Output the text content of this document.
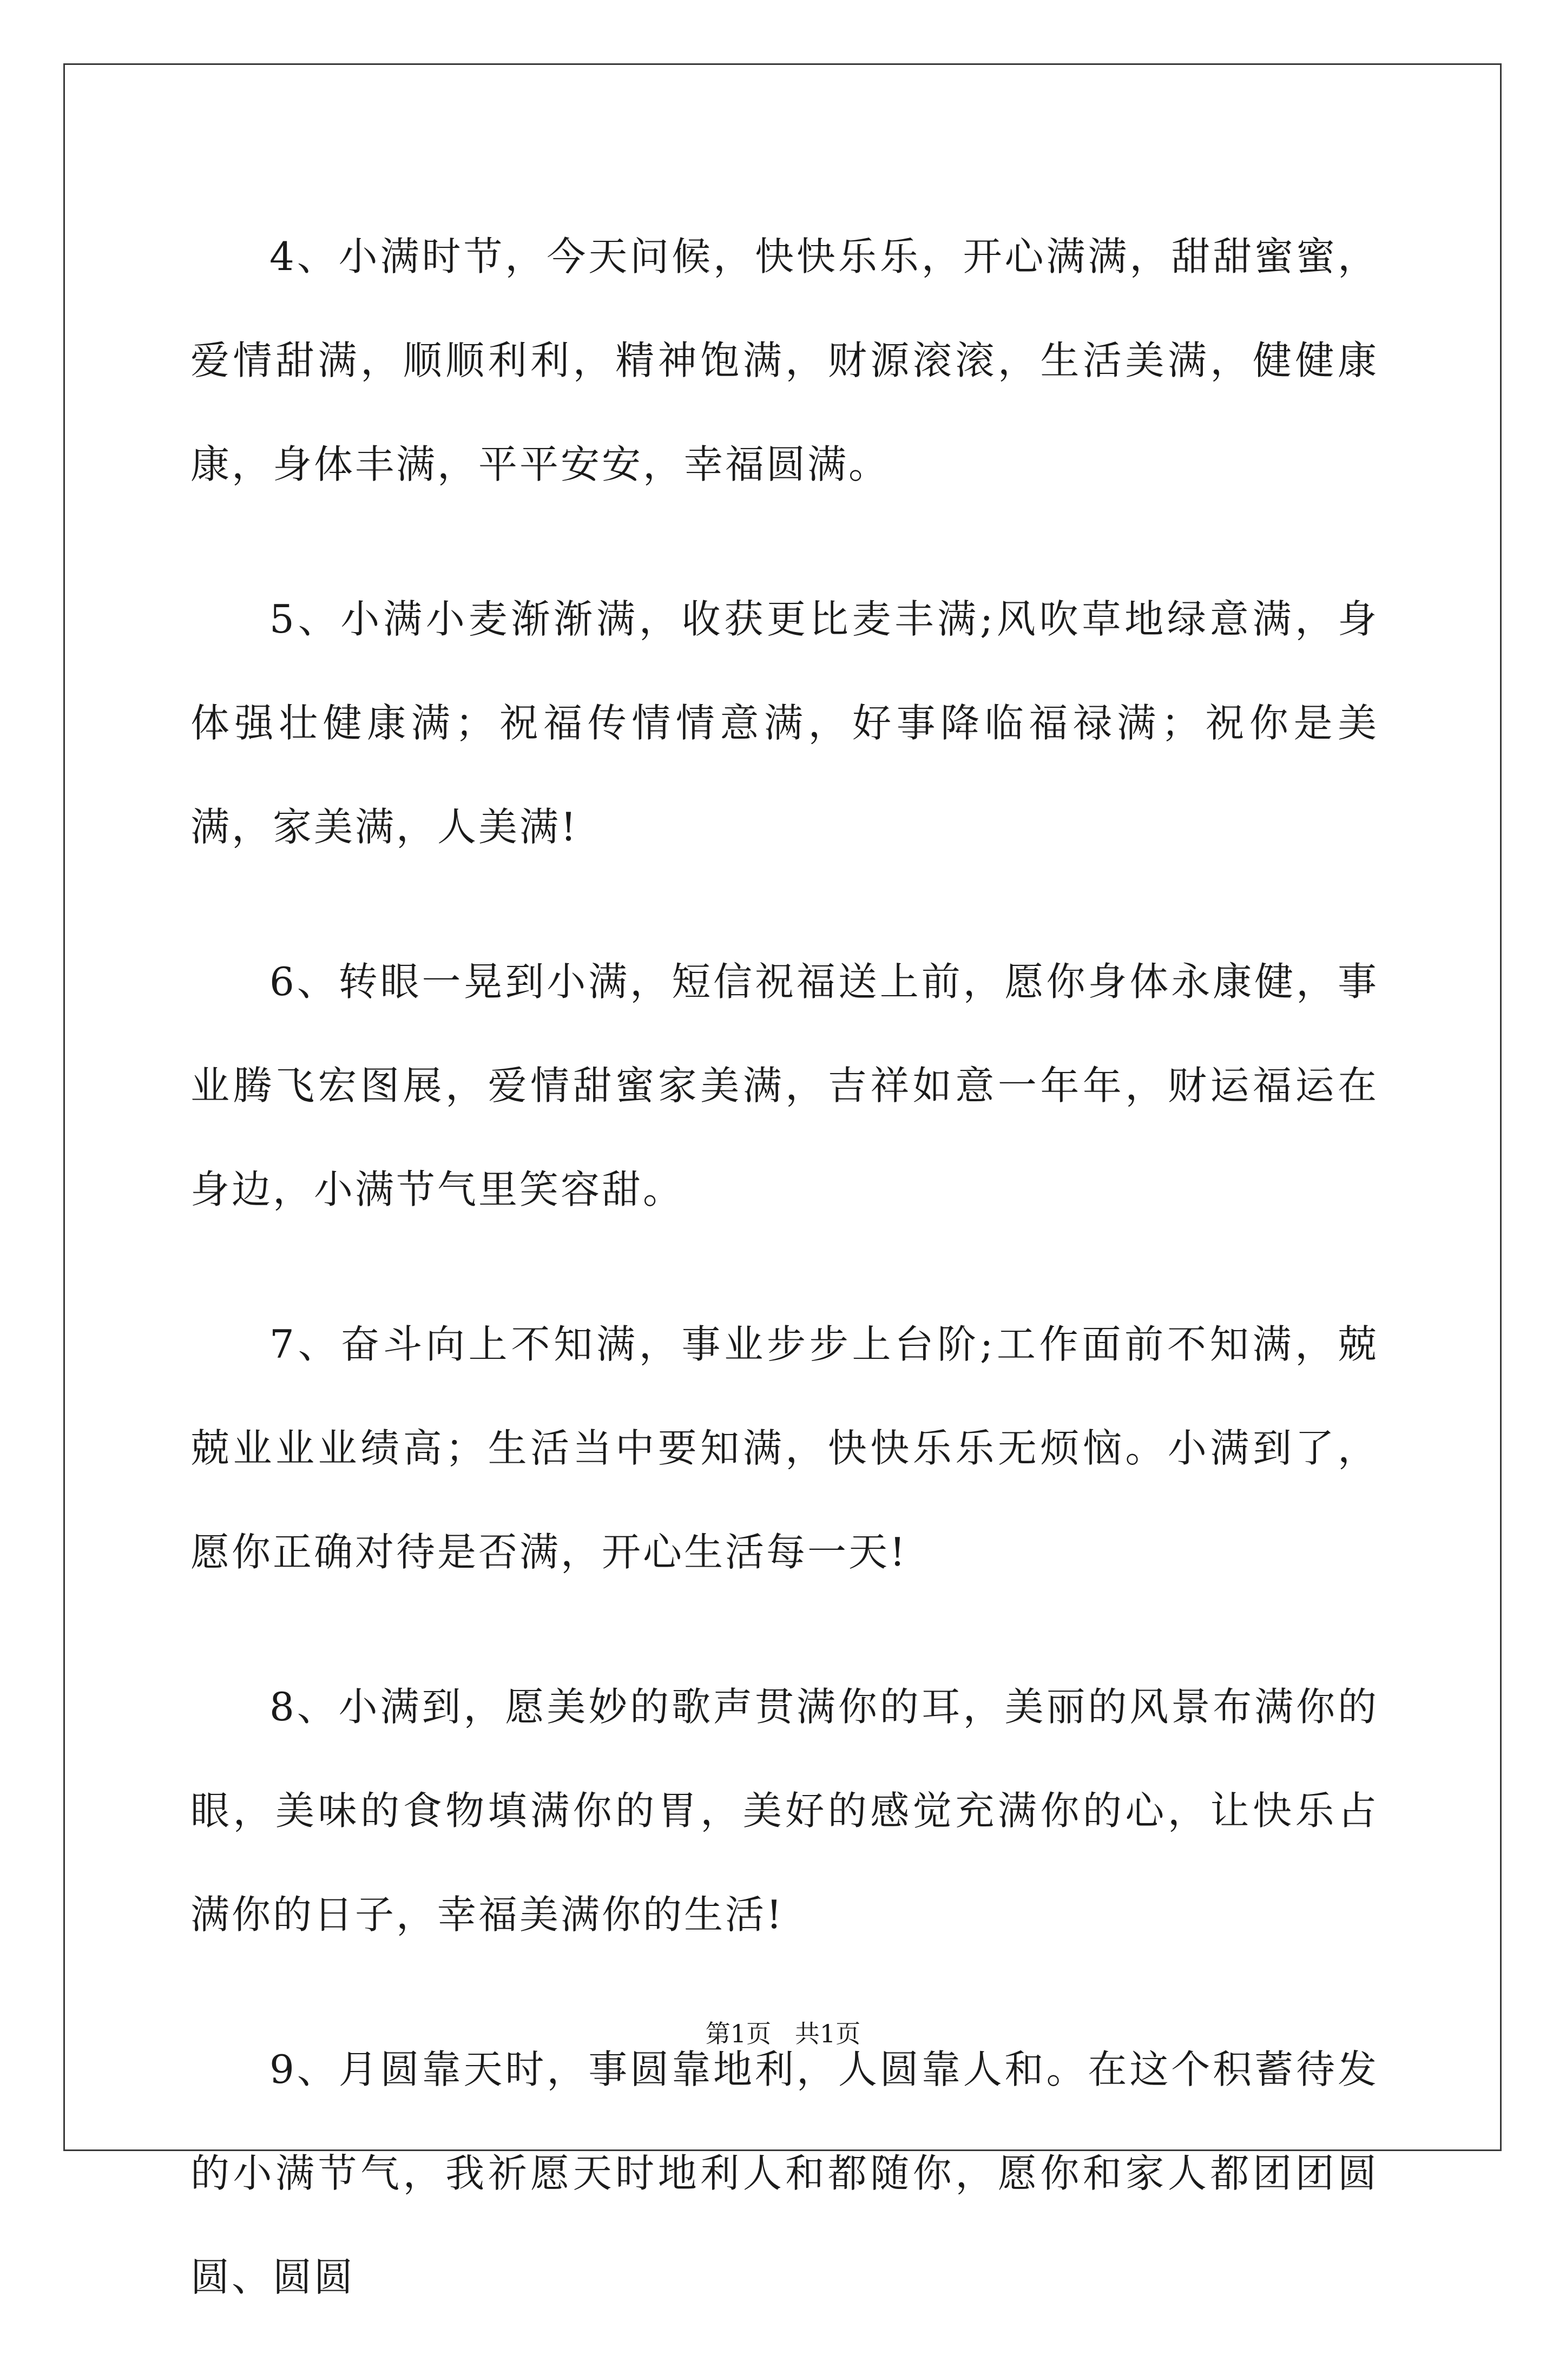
4、小满时节，今天问候，快快乐乐，开心满满，甜甜蜜蜜，爱情甜满，顺顺利利，精神饱满，财源滚滚，生活美满，健健康康，身体丰满，平平安安，幸福圆满。

5、小满小麦渐渐满，收获更比麦丰满;风吹草地绿意满，身体强壮健康满；祝福传情情意满，好事降临福禄满；祝你是美满，家美满，人美满!

6、转眼一晃到小满，短信祝福送上前，愿你身体永康健，事业腾飞宏图展，爱情甜蜜家美满，吉祥如意一年年，财运福运在身边，小满节气里笑容甜。

7、奋斗向上不知满，事业步步上台阶;工作面前不知满，兢兢业业业绩高；生活当中要知满，快快乐乐无烦恼。小满到了，愿你正确对待是否满，开心生活每一天!

8、小满到，愿美妙的歌声贯满你的耳，美丽的风景布满你的眼，美味的食物填满你的胃，美好的感觉充满你的心，让快乐占满你的日子，幸福美满你的生活!

9、月圆靠天时，事圆靠地利，人圆靠人和。在这个积蓄待发的小满节气，我祈愿天时地利人和都随你，愿你和家人都团团圆圆、圆圆

第1页   共1页
